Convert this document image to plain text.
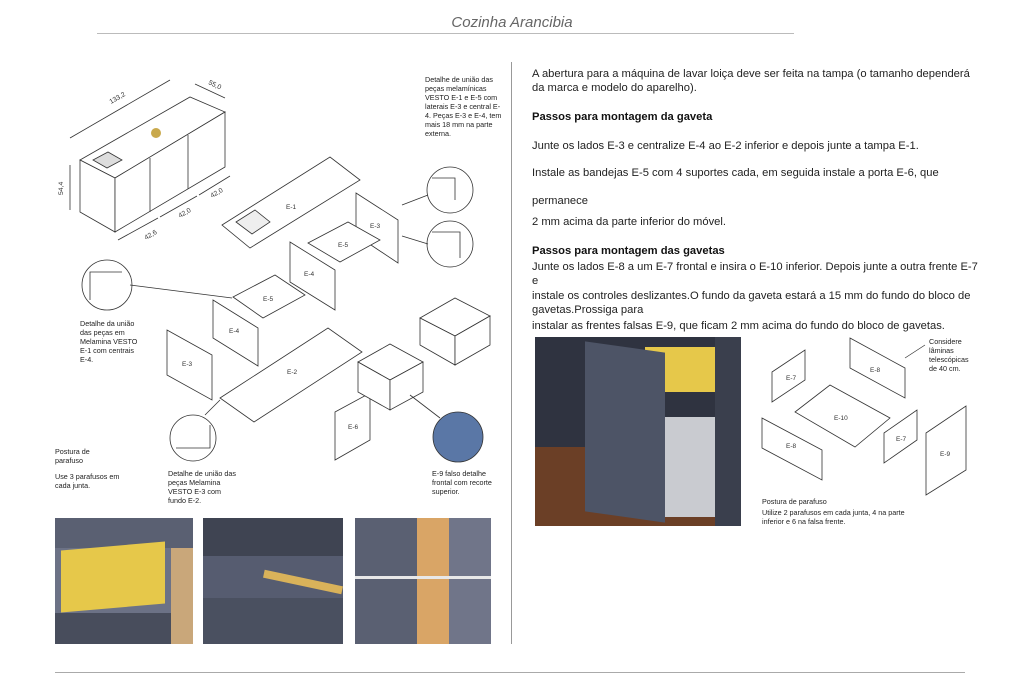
Cozinha Arancibia
133,2
55,0
54,4
42,6
42,0
42,0
E-1
E-3
E-5
E-4
E-5
E-4
E-3
E-2
E-6
Detalhe de união das peças melamínicas VESTO E-1 e E-5 com laterais E-3 e central E-4. Peças E-3 e E-4, tem mais 18 mm na parte externa.
Detalhe da união das peças em Melamina VESTO E-1 com centrais E-4.
Postura de parafuso
Use 3 parafusos em cada junta.
Detalhe de união das peças Melamina VESTO E-3 com fundo E-2.
E-9 falso detalhe frontal com recorte superior.
A abertura para a máquina de lavar loiça deve ser feita na tampa (o tamanho dependerá da marca e modelo do aparelho).
Passos para montagem da gaveta
Junte os lados E-3 e centralize E-4 ao E-2 inferior e depois junte a tampa E-1.
Instale as bandejas E-5 com 4 suportes cada, em seguida instale a porta E-6, que
permanece
2 mm acima da parte inferior do móvel.
Passos para montagem das gavetas
Junte os lados E-8 a um E-7 frontal e insira o E-10 inferior. Depois junte a outra frente E-7 e
instale os controles deslizantes.O fundo da gaveta estará a 15 mm do fundo do bloco de gavetas.Prossiga para
instalar as frentes falsas E-9, que ficam 2 mm acima do fundo do bloco de gavetas.
E-7
E-8
E-10
E-8
E-7
E-9
Considere lâminas telescópicas de 40 cm.
Postura de parafuso
Utilize 2 parafusos em cada junta, 4 na parte inferior e 6 na falsa frente.
